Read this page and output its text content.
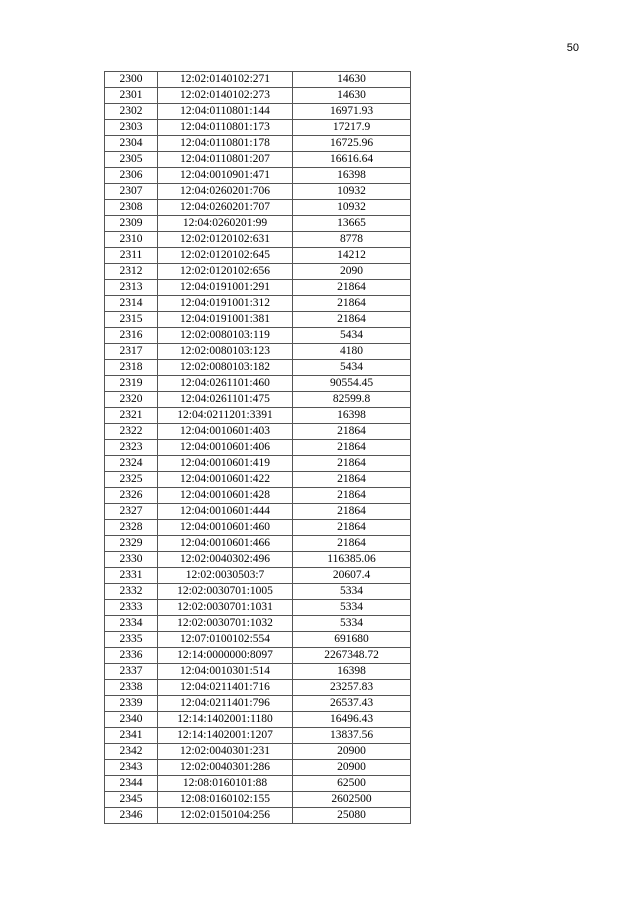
50
2300	12:02:0140102:271	14630
2301	12:02:0140102:273	14630
2302	12:04:0110801:144	16971.93
2303	12:04:0110801:173	17217.9
2304	12:04:0110801:178	16725.96
2305	12:04:0110801:207	16616.64
2306	12:04:0010901:471	16398
2307	12:04:0260201:706	10932
2308	12:04:0260201:707	10932
2309	12:04:0260201:99	13665
2310	12:02:0120102:631	8778
2311	12:02:0120102:645	14212
2312	12:02:0120102:656	2090
2313	12:04:0191001:291	21864
2314	12:04:0191001:312	21864
2315	12:04:0191001:381	21864
2316	12:02:0080103:119	5434
2317	12:02:0080103:123	4180
2318	12:02:0080103:182	5434
2319	12:04:0261101:460	90554.45
2320	12:04:0261101:475	82599.8
2321	12:04:0211201:3391	16398
2322	12:04:0010601:403	21864
2323	12:04:0010601:406	21864
2324	12:04:0010601:419	21864
2325	12:04:0010601:422	21864
2326	12:04:0010601:428	21864
2327	12:04:0010601:444	21864
2328	12:04:0010601:460	21864
2329	12:04:0010601:466	21864
2330	12:02:0040302:496	116385.06
2331	12:02:0030503:7	20607.4
2332	12:02:0030701:1005	5334
2333	12:02:0030701:1031	5334
2334	12:02:0030701:1032	5334
2335	12:07:0100102:554	691680
2336	12:14:0000000:8097	2267348.72
2337	12:04:0010301:514	16398
2338	12:04:0211401:716	23257.83
2339	12:04:0211401:796	26537.43
2340	12:14:1402001:1180	16496.43
2341	12:14:1402001:1207	13837.56
2342	12:02:0040301:231	20900
2343	12:02:0040301:286	20900
2344	12:08:0160101:88	62500
2345	12:08:0160102:155	2602500
2346	12:02:0150104:256	25080
